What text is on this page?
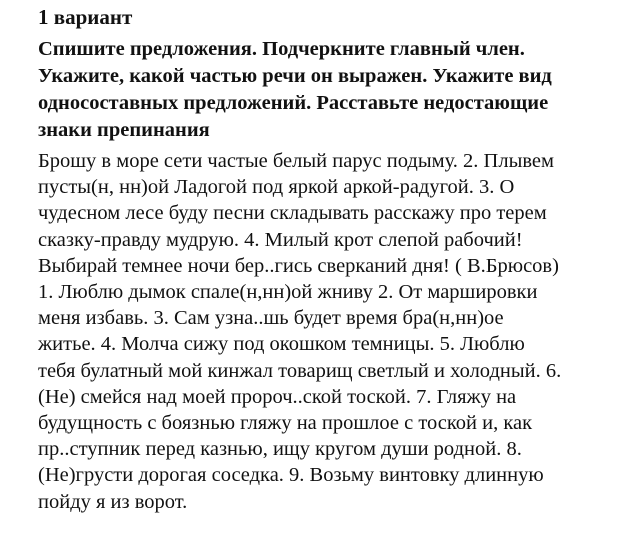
1 вариант
Спишите предложения. Подчеркните главный член.
Укажите, какой частью речи он выражен. Укажите вид
односоставных предложений. Расставьте недостающие
знаки препинания
Брошу в море сети частые белый парус подыму. 2. Плывем
пусты(н, нн)ой Ладогой под яркой аркой-радугой. 3. О
чудесном лесе буду песни складывать расскажу про терем
сказку-правду мудрую. 4. Милый крот слепой рабочий!
Выбирай темнее ночи бер..гись сверканий дня! ( В.Брюсов)
1. Люблю дымок спале(н,нн)ой жниву 2. От маршировки
меня избавь. 3. Сам узна..шь будет время бра(н,нн)ое
житье. 4. Молча сижу под окошком темницы. 5. Люблю
тебя булатный мой кинжал товарищ светлый и холодный. 6.
(Не) смейся над моей пророч..ской тоской. 7. Гляжу на
будущность с боязнью гляжу на прошлое с тоской и, как
пр..ступник перед казнью, ищу кругом души родной. 8.
(Не)грусти дорогая соседка. 9. Возьму винтовку длинную
пойду я из ворот.
